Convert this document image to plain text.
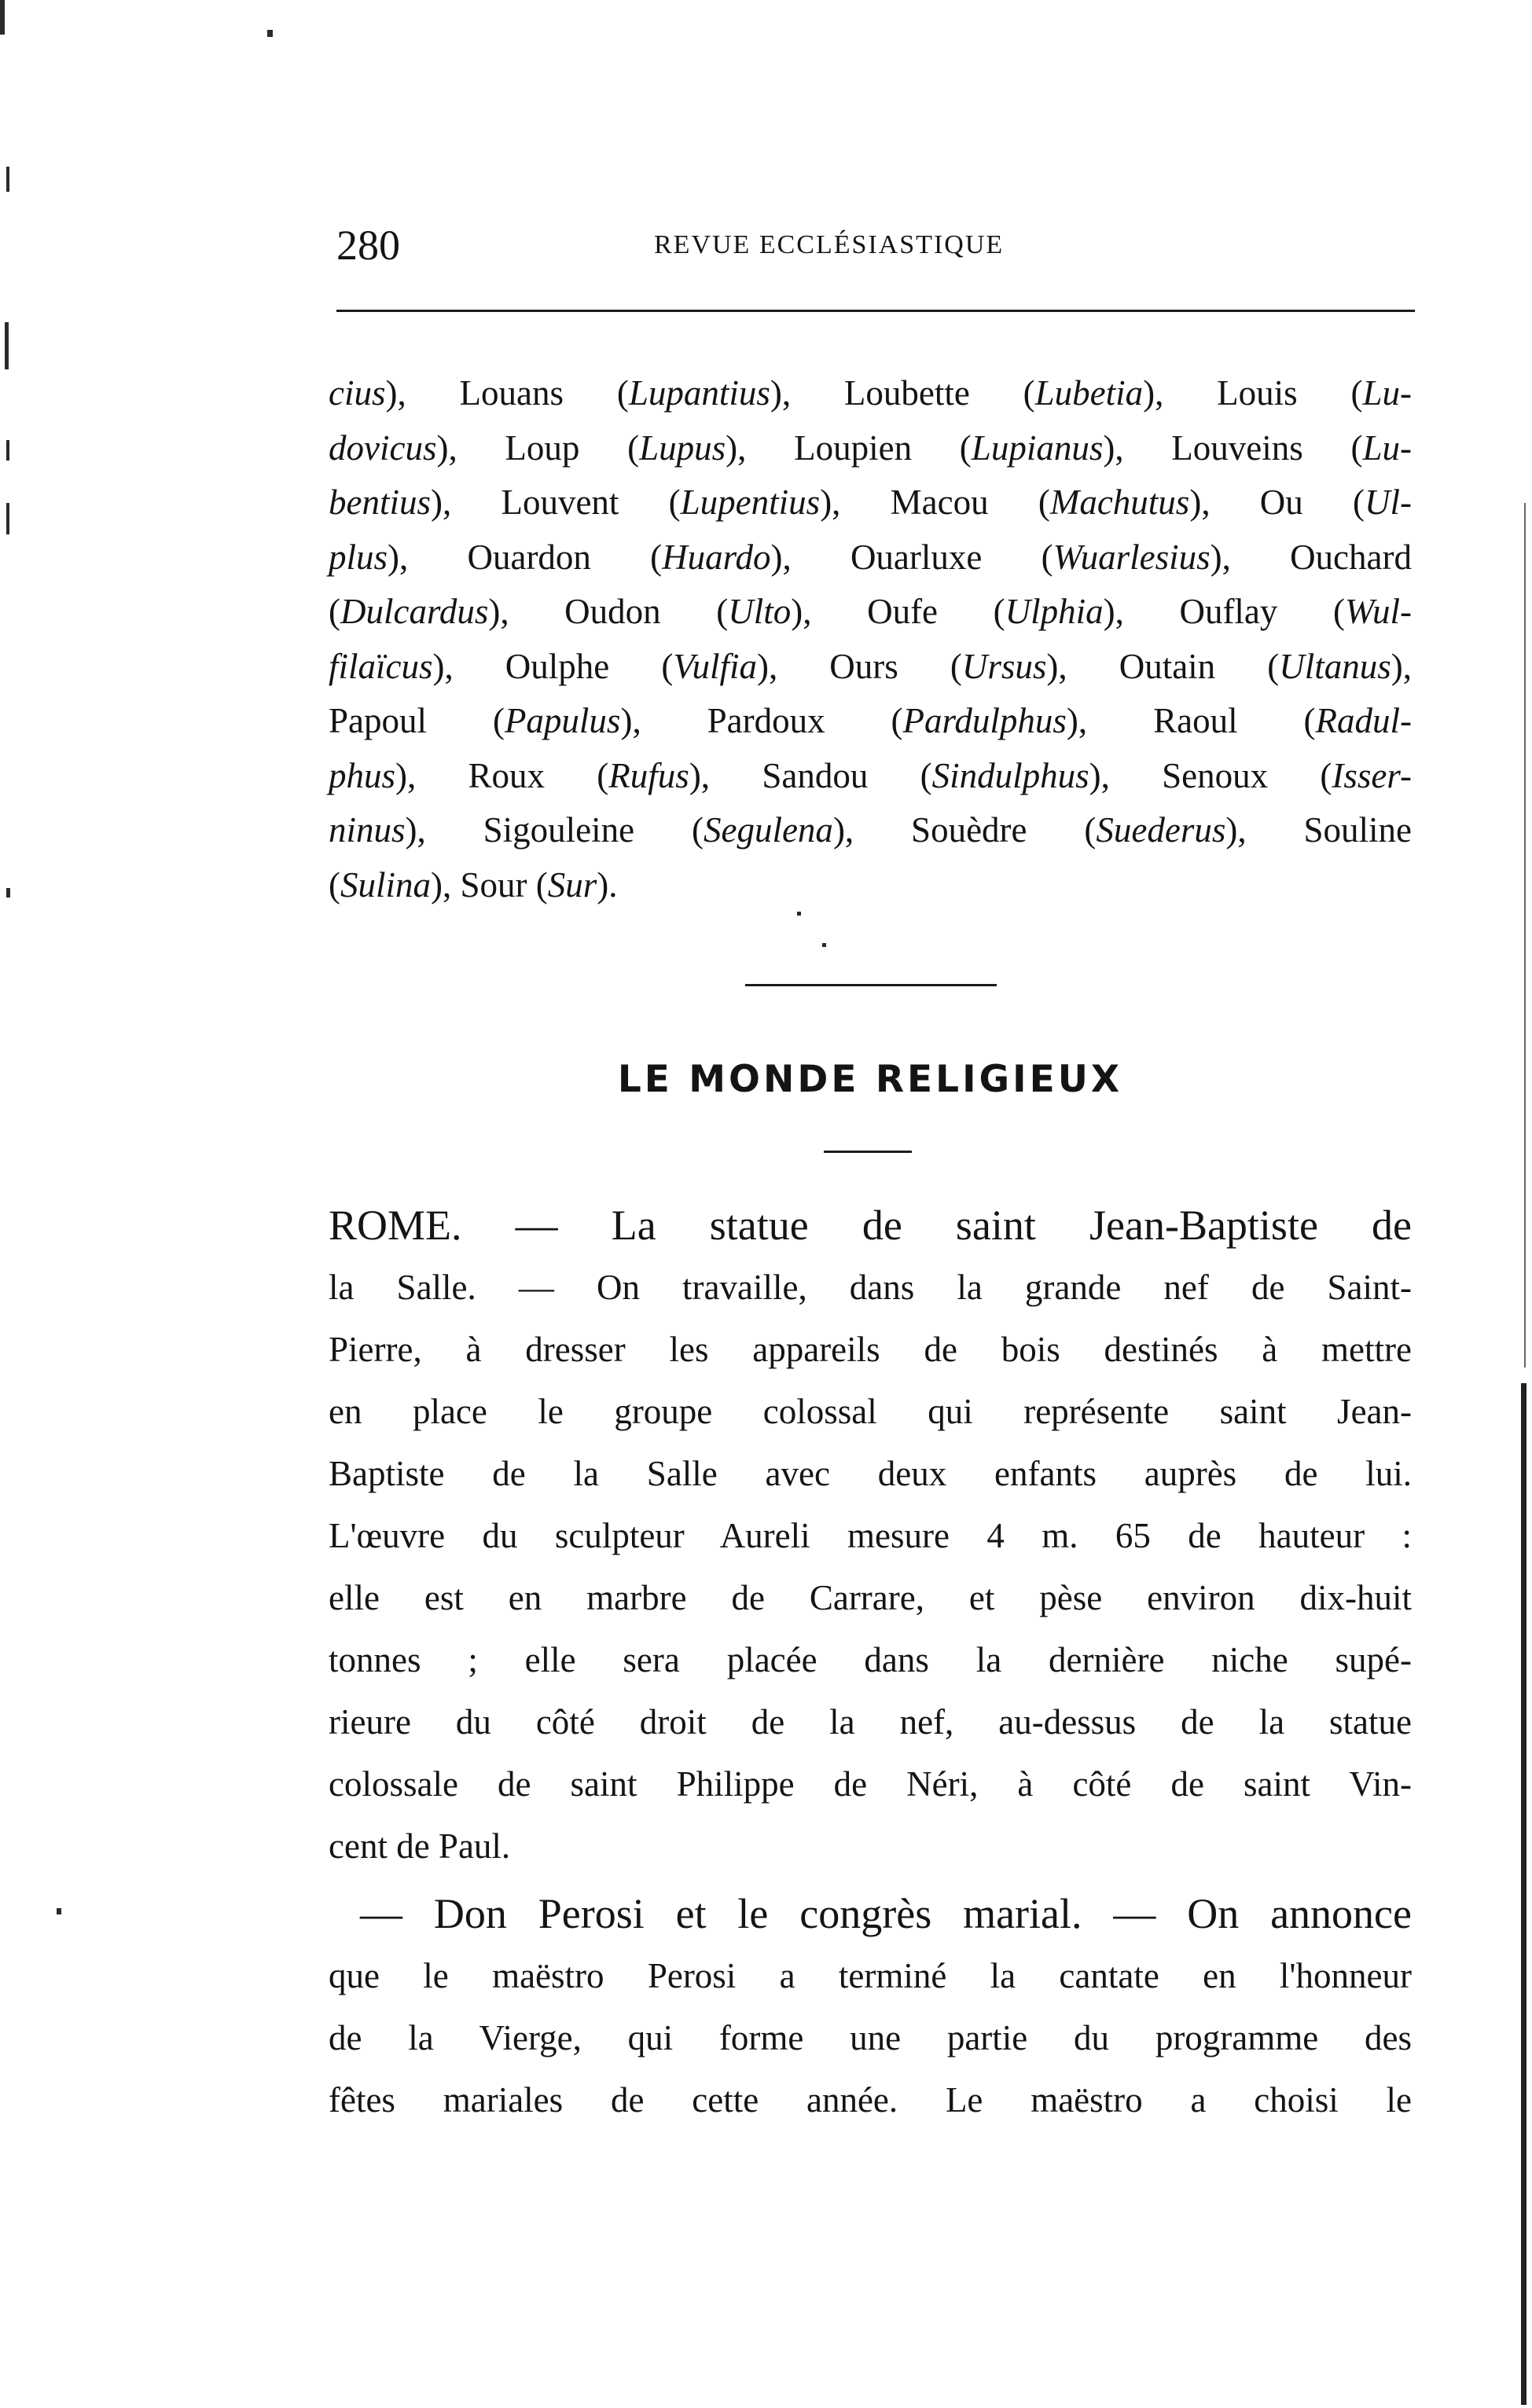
280	REVUE ECCLÉSIASTIQUE
cius), Louans (Lupantius), Loubette (Lubetia), Louis (Lu-
dovicus), Loup (Lupus), Loupien (Lupianus), Louveins (Lu-
bentius), Louvent (Lupentius), Macou (Machutus), Ou (Ul-
plus), Ouardon (Huardo), Ouarluxe (Wuarlesius), Ouchard
(Dulcardus), Oudon (Ulto), Oufe (Ulphia), Ouflay (Wul-
filaïcus), Oulphe (Vulfia), Ours (Ursus), Outain (Ultanus),
Papoul (Papulus), Pardoux (Pardulphus), Raoul (Radul-
phus), Roux (Rufus), Sandou (Sindulphus), Senoux (Isser-
ninus), Sigouleine (Segulena), Souèdre (Suederus), Souline
(Sulina), Sour (Sur).
LE MONDE RELIGIEUX
ROME. — La statue de saint Jean-Baptiste de
la Salle. — On travaille, dans la grande nef de Saint-
Pierre, à dresser les appareils de bois destinés à mettre
en place le groupe colossal qui représente saint Jean-
Baptiste de la Salle avec deux enfants auprès de lui.
L'œuvre du sculpteur Aureli mesure 4 m. 65 de hauteur :
elle est en marbre de Carrare, et pèse environ dix-huit
tonnes ; elle sera placée dans la dernière niche supé-
rieure du côté droit de la nef, au-dessus de la statue
colossale de saint Philippe de Néri, à côté de saint Vin-
cent de Paul.
— Don Perosi et le congrès marial. — On annonce
que le maëstro Perosi a terminé la cantate en l'honneur
de la Vierge, qui forme une partie du programme des
fêtes mariales de cette année. Le maëstro a choisi le
